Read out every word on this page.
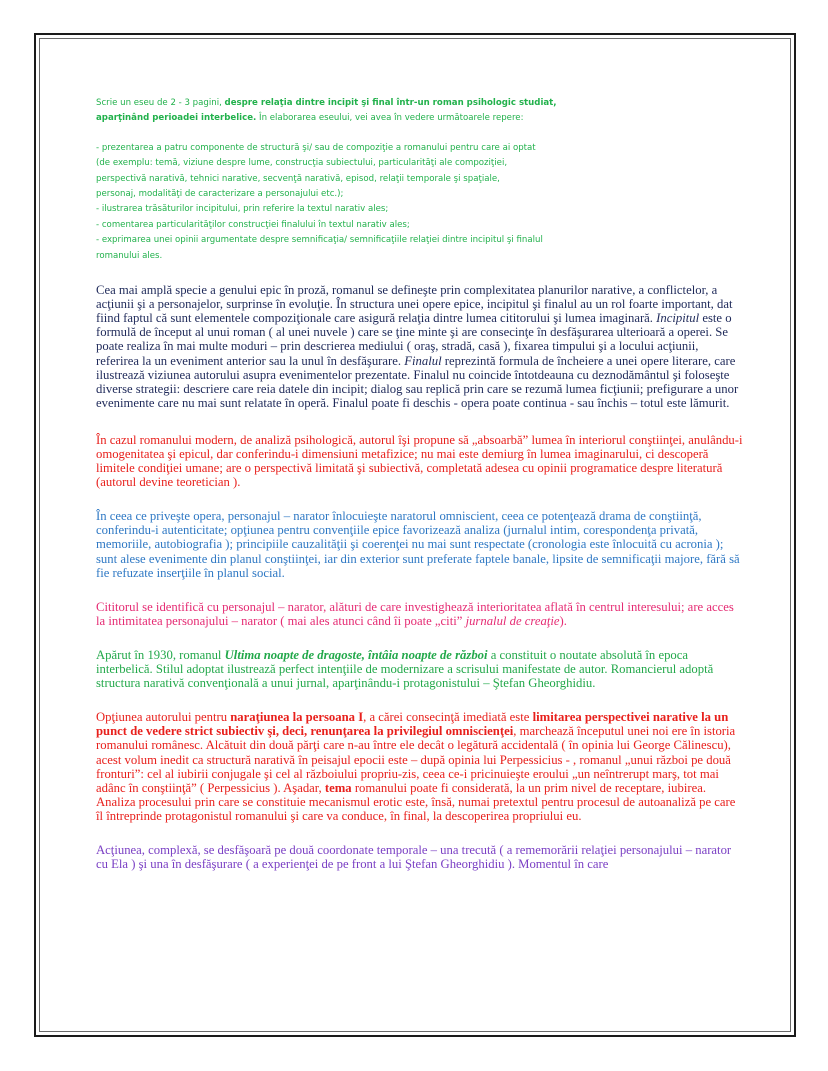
Scrie un eseu de 2 - 3 pagini, despre relaţia dintre incipit şi final într-un roman psihologic studiat,

aparţinând perioadei interbelice. În elaborarea eseului, vei avea în vedere următoarele repere:

- prezentarea a patru componente de structură şi/ sau de compoziţie a romanului pentru care ai optat

(de exemplu: temă, viziune despre lume, construcţia subiectului, particularităţi ale compoziţiei,

perspectivă narativă, tehnici narative, secvenţă narativă, episod, relaţii temporale şi spaţiale,

personaj, modalităţi de caracterizare a personajului etc.);

- ilustrarea trăsăturilor incipitului, prin referire la textul narativ ales;

- comentarea particularităţilor construcţiei finalului în textul narativ ales;

- exprimarea unei opinii argumentate despre semnificaţia/ semnificaţiile relaţiei dintre incipitul şi finalul

romanului ales.

Cea mai amplă specie a genului epic în proză, romanul se defineşte prin complexitatea planurilor narative, a conflictelor, a acţiunii şi a personajelor, surprinse în evoluţie. În structura unei opere epice, incipitul şi finalul au un rol foarte important, dat fiind faptul că sunt elementele compoziţionale care asigură relaţia dintre lumea cititorului şi lumea imaginară. Incipitul este o formulă de început al unui roman ( al unei nuvele ) care se ţine minte şi are consecinţe în desfăşurarea ulterioară a operei. Se poate realiza în mai multe moduri – prin descrierea mediului ( oraş, stradă, casă ), fixarea timpului şi a locului acţiunii, referirea la un eveniment anterior sau la unul în desfăşurare. Finalul reprezintă formula de încheiere a unei opere literare, care ilustrează viziunea autorului asupra evenimentelor prezentate. Finalul nu coincide întotdeauna cu deznodământul şi foloseşte diverse strategii: descriere care reia datele din incipit; dialog sau replică prin care se rezumă lumea ficţiunii; prefigurare a unor evenimente care nu mai sunt relatate în operă. Finalul poate fi deschis - opera poate continua - sau închis – totul este lămurit.

În cazul romanului modern, de analiză psihologică, autorul îşi propune să „absoarbă” lumea în interiorul conştiinţei, anulându-i omogenitatea şi epicul, dar conferindu-i dimensiuni metafizice; nu mai este demiurg în lumea imaginarului, ci descoperă limitele condiţiei umane; are o perspectivă limitată şi subiectivă, completată adesea cu opinii programatice despre literatură (autorul devine teoretician ).

În ceea ce priveşte opera, personajul – narator înlocuieşte naratorul omniscient, ceea ce potenţează drama de conştiinţă, conferindu-i autenticitate; opţiunea pentru convenţiile epice favorizează analiza (jurnalul intim, corespondenţa privată, memoriile, autobiografia ); principiile cauzalităţii şi coerenţei nu mai sunt respectate (cronologia este înlocuită cu acronia ); sunt alese evenimente din planul conştiinţei, iar din exterior sunt preferate faptele banale, lipsite de semnificaţii majore, fără să fie refuzate inserţiile în planul social.

Cititorul se identifică cu personajul – narator, alături de care investighează interioritatea aflată în centrul interesului; are acces la intimitatea personajului – narator ( mai ales atunci când îi poate „citi” jurnalul de creaţie).

Apărut în 1930, romanul Ultima noapte de dragoste, întâia noapte de război a constituit o noutate absolută în epoca interbelică. Stilul adoptat ilustrează perfect intenţiile de modernizare a scrisului manifestate de autor. Romancierul adoptă structura narativă convenţională a unui jurnal, aparţinându-i protagonistului – Ştefan Gheorghidiu.

Opţiunea autorului pentru naraţiunea la persoana I, a cărei consecinţă imediată este limitarea perspectivei narative la un punct de vedere strict subiectiv şi, deci, renunţarea la privilegiul omniscienţei, marchează începutul unei noi ere în istoria romanului românesc. Alcătuit din două părţi care n-au între ele decât o legătură accidentală ( în opinia lui George Călinescu), acest volum inedit ca structură narativă în peisajul epocii este – după opinia lui Perpessicius - , romanul „unui război pe două fronturi”: cel al iubirii conjugale şi cel al războiului propriu-zis, ceea ce-i pricinuieşte eroului „un neîntrerupt marş, tot mai adânc în conştiinţă” ( Perpessicius ). Aşadar, tema romanului poate fi considerată, la un prim nivel de receptare, iubirea. Analiza procesului prin care se constituie mecanismul erotic este, însă, numai pretextul pentru procesul de autoanaliză pe care îl întreprinde protagonistul romanului şi care va conduce, în final, la descoperirea propriului eu.

Acţiunea, complexă, se desfăşoară pe două coordonate temporale – una trecută ( a rememorării relaţiei personajului – narator cu Ela ) şi una în desfăşurare ( a experienţei de pe front a lui Ştefan Gheorghidiu ). Momentul în care
